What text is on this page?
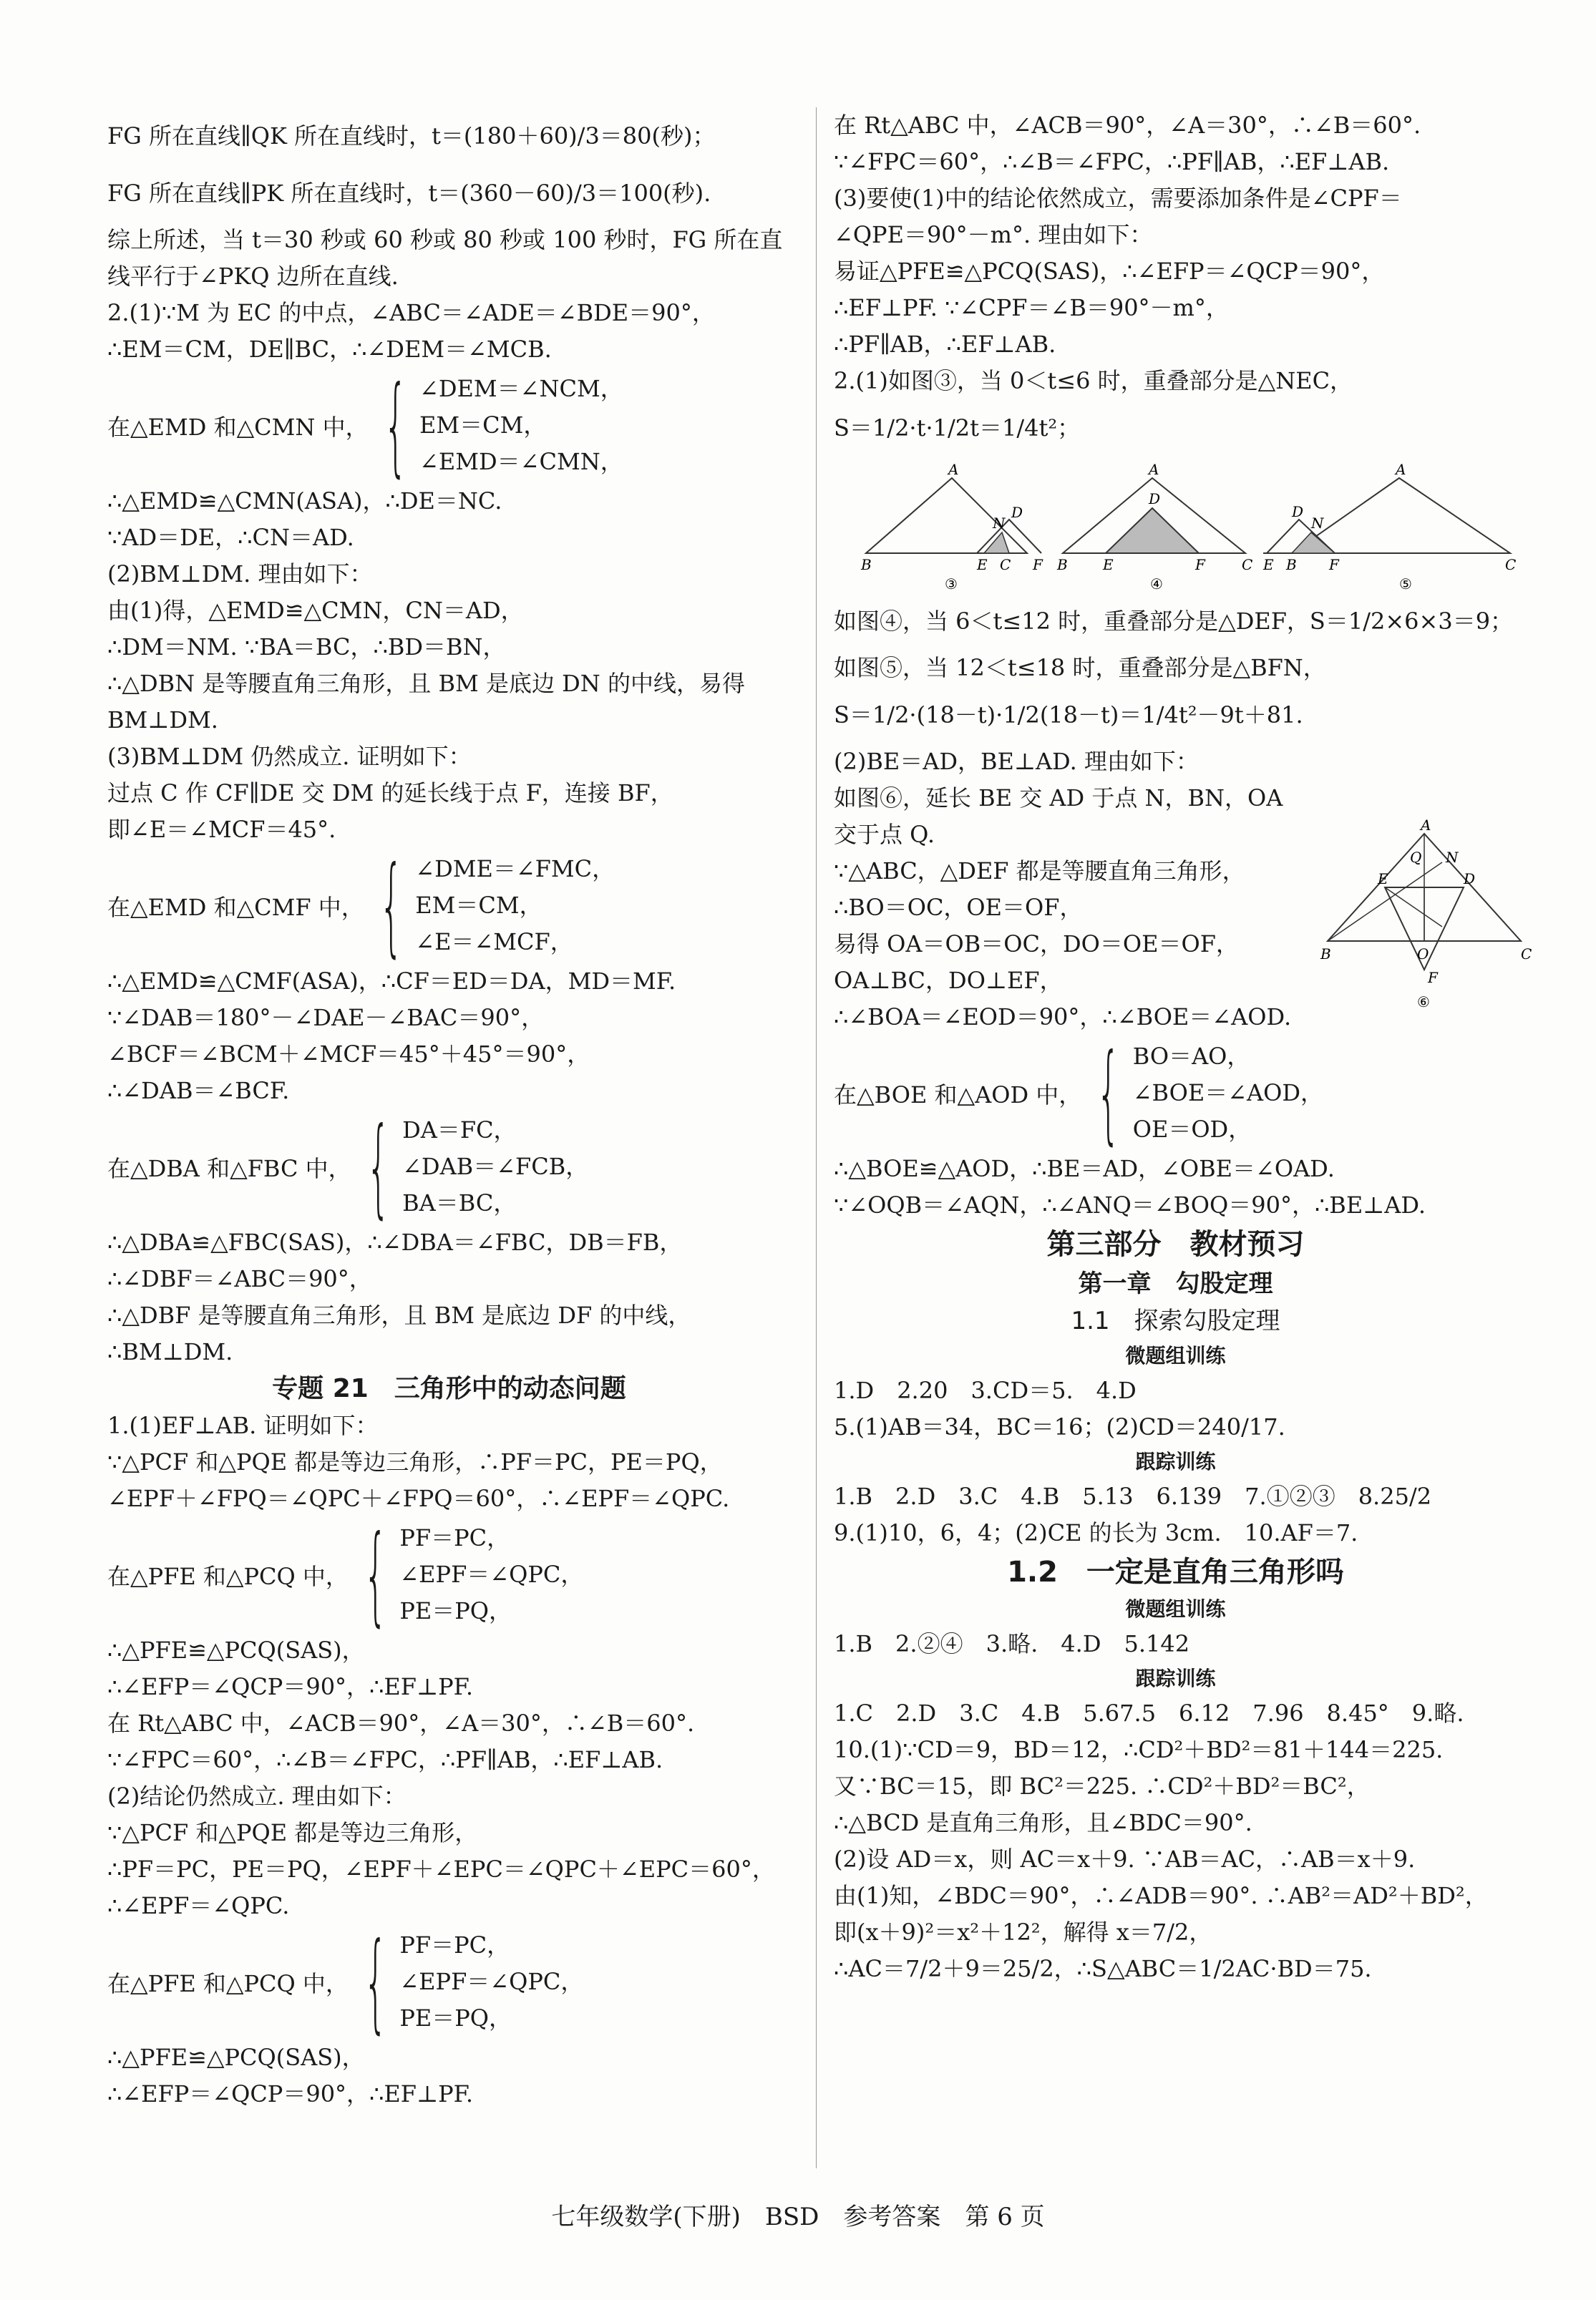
FG 所在直线∥QK 所在直线时，t＝(180＋60)/3＝80(秒)；
FG 所在直线∥PK 所在直线时，t＝(360－60)/3＝100(秒).
综上所述，当 t＝30 秒或 60 秒或 80 秒或 100 秒时，FG 所在直
线平行于∠PKQ 边所在直线.
2.(1)∵M 为 EC 的中点，∠ABC＝∠ADE＝∠BDE＝90°，
∴EM＝CM，DE∥BC，∴∠DEM＝∠MCB.
在△EMD 和△CMN 中， { ∠DEM＝∠NCM，
EM＝CM，
∠EMD＝∠CMN，
∴△EMD≌△CMN(ASA)，∴DE＝NC.
∵AD＝DE，∴CN＝AD.
(2)BM⊥DM. 理由如下：
由(1)得，△EMD≌△CMN，CN＝AD，
∴DM＝NM. ∵BA＝BC，∴BD＝BN，
∴△DBN 是等腰直角三角形，且 BM 是底边 DN 的中线，易得
BM⊥DM.
(3)BM⊥DM 仍然成立. 证明如下：
过点 C 作 CF∥DE 交 DM 的延长线于点 F，连接 BF，
即∠E＝∠MCF＝45°.
在△EMD 和△CMF 中， { ∠DME＝∠FMC，
EM＝CM，
∠E＝∠MCF，
∴△EMD≌△CMF(ASA)，∴CF＝ED＝DA，MD＝MF.
∵∠DAB＝180°－∠DAE－∠BAC＝90°，
∠BCF＝∠BCM＋∠MCF＝45°＋45°＝90°，
∴∠DAB＝∠BCF.
在△DBA 和△FBC 中， { DA＝FC，
∠DAB＝∠FCB，
BA＝BC，
∴△DBA≌△FBC(SAS)，∴∠DBA＝∠FBC，DB＝FB，
∴∠DBF＝∠ABC＝90°，
∴△DBF 是等腰直角三角形，且 BM 是底边 DF 的中线，
∴BM⊥DM.
专题 21　三角形中的动态问题
1.(1)EF⊥AB. 证明如下：
∵△PCF 和△PQE 都是等边三角形，∴PF＝PC，PE＝PQ，
∠EPF＋∠FPQ＝∠QPC＋∠FPQ＝60°，∴∠EPF＝∠QPC.
在△PFE 和△PCQ 中， { PF＝PC，
∠EPF＝∠QPC，
PE＝PQ，
∴△PFE≌△PCQ(SAS)，
∴∠EFP＝∠QCP＝90°，∴EF⊥PF.
在 Rt△ABC 中，∠ACB＝90°，∠A＝30°，∴∠B＝60°.
∵∠FPC＝60°，∴∠B＝∠FPC，∴PF∥AB，∴EF⊥AB.
(2)结论仍然成立. 理由如下：
∵△PCF 和△PQE 都是等边三角形，
∴PF＝PC，PE＝PQ，∠EPF＋∠EPC＝∠QPC＋∠EPC＝60°，
∴∠EPF＝∠QPC.
在△PFE 和△PCQ 中， { PF＝PC，
∠EPF＝∠QPC，
PE＝PQ，
∴△PFE≌△PCQ(SAS)，
∴∠EFP＝∠QCP＝90°，∴EF⊥PF.
在 Rt△ABC 中，∠ACB＝90°，∠A＝30°，∴∠B＝60°.
∵∠FPC＝60°，∴∠B＝∠FPC，∴PF∥AB，∴EF⊥AB.
(3)要使(1)中的结论依然成立，需要添加条件是∠CPF＝
∠QPE＝90°－m°. 理由如下：
易证△PFE≌△PCQ(SAS)，∴∠EFP＝∠QCP＝90°，
∴EF⊥PF. ∵∠CPF＝∠B＝90°－m°，
∴PF∥AB，∴EF⊥AB.
2.(1)如图③，当 0＜t≤6 时，重叠部分是△NEC，
S＝1/2·t·1/2t＝1/4t²；
A
B	E C F
N
D
③
A
B E	F	C
D
④
A
E B F	C
D
N
⑤
如图④，当 6＜t≤12 时，重叠部分是△DEF，S＝1/2×6×3＝9；
如图⑤，当 12＜t≤18 时，重叠部分是△BFN，
S＝1/2·(18－t)·1/2(18－t)＝1/4t²－9t＋81.
(2)BE＝AD，BE⊥AD. 理由如下：
如图⑥，延长 BE 交 AD 于点 N，BN，OA
交于点 Q.
∵△ABC，△DEF 都是等腰直角三角形，
∴BO＝OC，OE＝OF，
易得 OA＝OB＝OC，DO＝OE＝OF，
OA⊥BC，DO⊥EF，
∴∠BOA＝∠EOD＝90°，∴∠BOE＝∠AOD.
在△BOE 和△AOD 中， { BO＝AO，
∠BOE＝∠AOD，
OE＝OD，
∴△BOE≌△AOD，∴BE＝AD，∠OBE＝∠OAD.
∵∠OQB＝∠AQN，∴∠ANQ＝∠BOQ＝90°，∴BE⊥AD.
第三部分　教材预习
第一章　勾股定理
1.1　探索勾股定理
微题组训练
1.D　2.20　3.CD＝5.　4.D
5.(1)AB＝34，BC＝16；(2)CD＝240/17.
跟踪训练
1.B　2.D　3.C　4.B　5.13　6.139　7.①②③　8.25/2
9.(1)10，6，4；(2)CE 的长为 3cm.　10.AF＝7.
1.2　一定是直角三角形吗
微题组训练
1.B　2.②④　3.略.　4.D　5.142
跟踪训练
1.C　2.D　3.C　4.B　5.67.5　6.12　7.96　8.45°　9.略.
10.(1)∵CD＝9，BD＝12，∴CD²＋BD²＝81＋144＝225.
又∵BC＝15，即 BC²＝225. ∴CD²＋BD²＝BC²，
∴△BCD 是直角三角形，且∠BDC＝90°.
(2)设 AD＝x，则 AC＝x＋9. ∵AB＝AC，∴AB＝x＋9.
由(1)知，∠BDC＝90°，∴∠ADB＝90°. ∴AB²＝AD²＋BD²，
即(x＋9)²＝x²＋12²，解得 x＝7/2，
∴AC＝7/2＋9＝25/2，∴S△ABC＝1/2AC·BD＝75.
A
B	C
D
E
O
F
Q N
⑥
七年级数学(下册)　BSD　参考答案　第 6 页
